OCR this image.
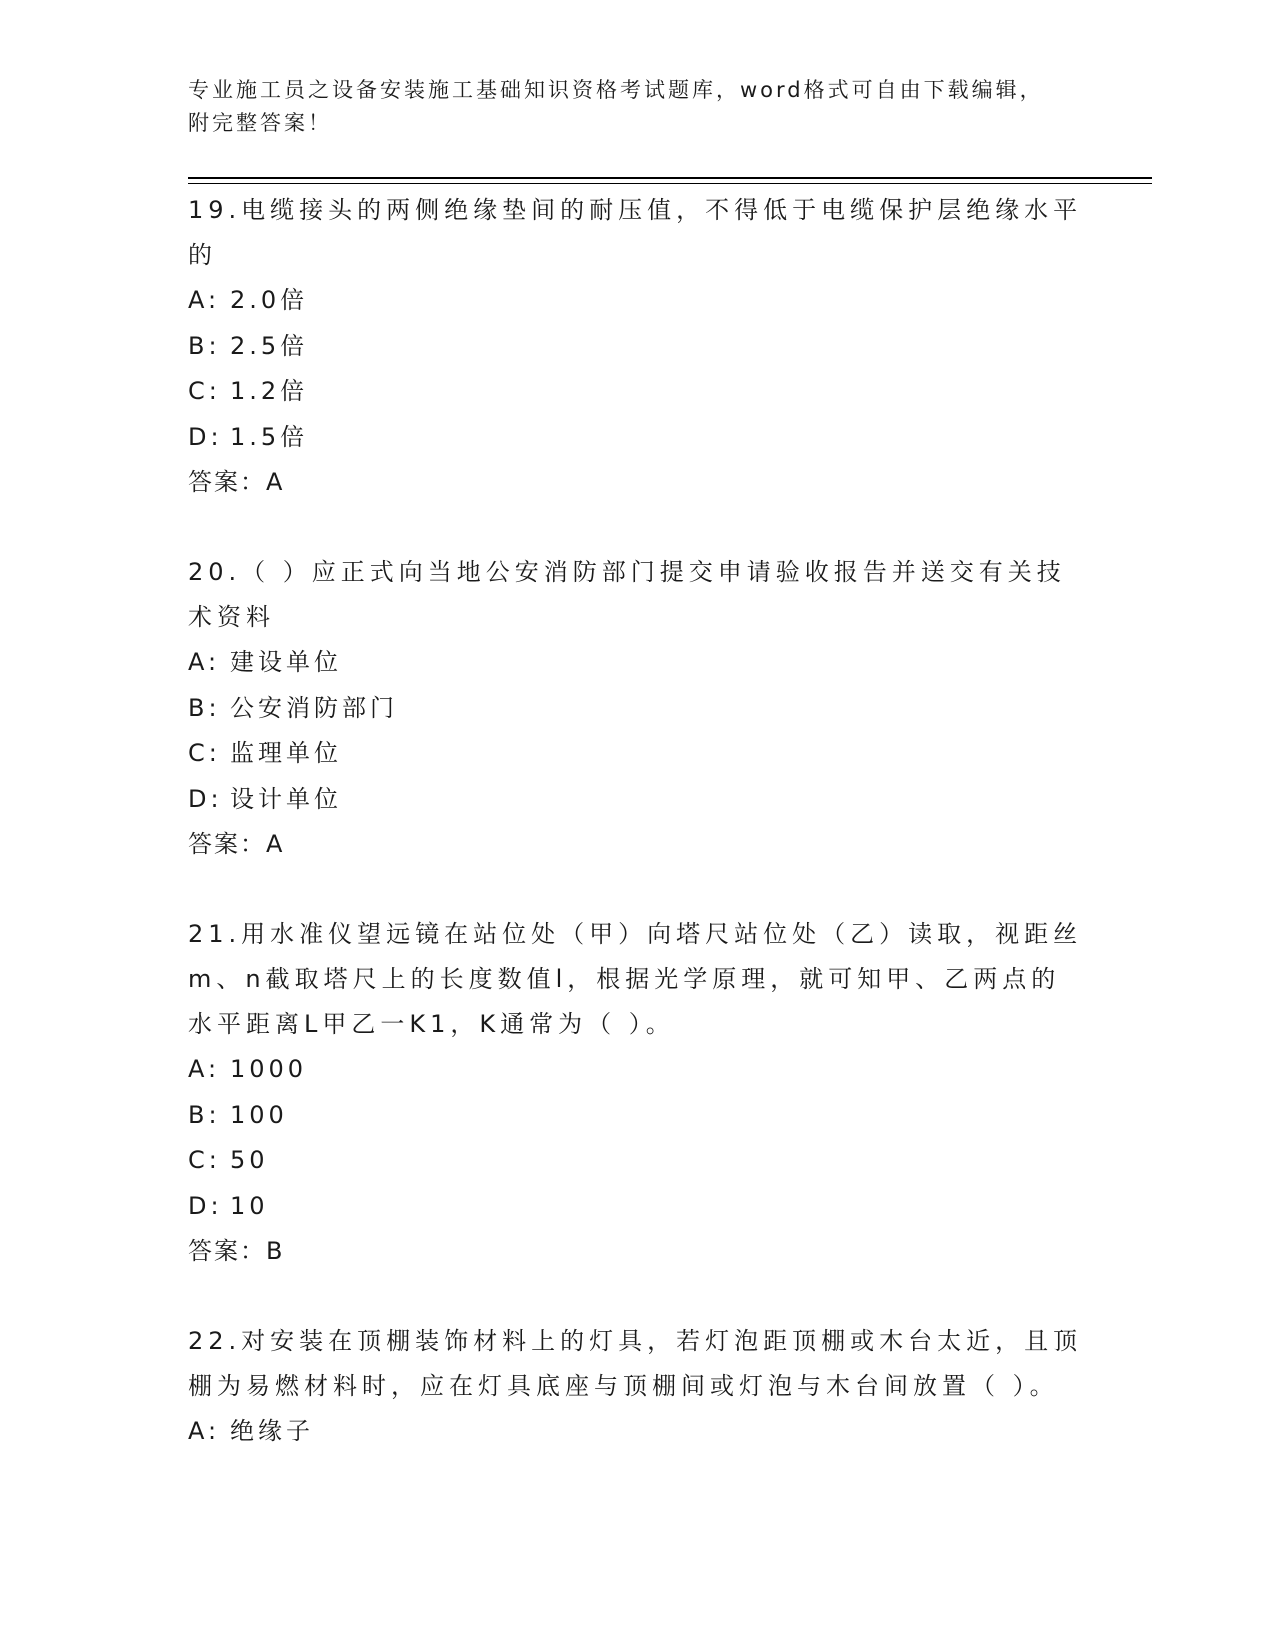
专业施工员之设备安装施工基础知识资格考试题库，word格式可自由下载编辑，
附完整答案！

19.电缆接头的两侧绝缘垫间的耐压值，不得低于电缆保护层绝缘水平的

A: 2.0倍

B: 2.5倍

C: 1.2倍

D: 1.5倍

答案：A

20.（ ）应正式向当地公安消防部门提交申请验收报告并送交有关技术资料

A: 建设单位

B: 公安消防部门

C: 监理单位

D: 设计单位

答案：A

21.用水准仪望远镜在站位处（甲）向塔尺站位处（乙）读取，视距丝m、n截取塔尺上的长度数值l，根据光学原理，就可知甲、乙两点的水平距离L甲乙一K1，K通常为（ ）。

A: 1000

B: 100

C: 50

D: 10

答案：B

22.对安装在顶棚装饰材料上的灯具，若灯泡距顶棚或木台太近，且顶棚为易燃材料时，应在灯具底座与顶棚间或灯泡与木台间放置（ ）。

A: 绝缘子
